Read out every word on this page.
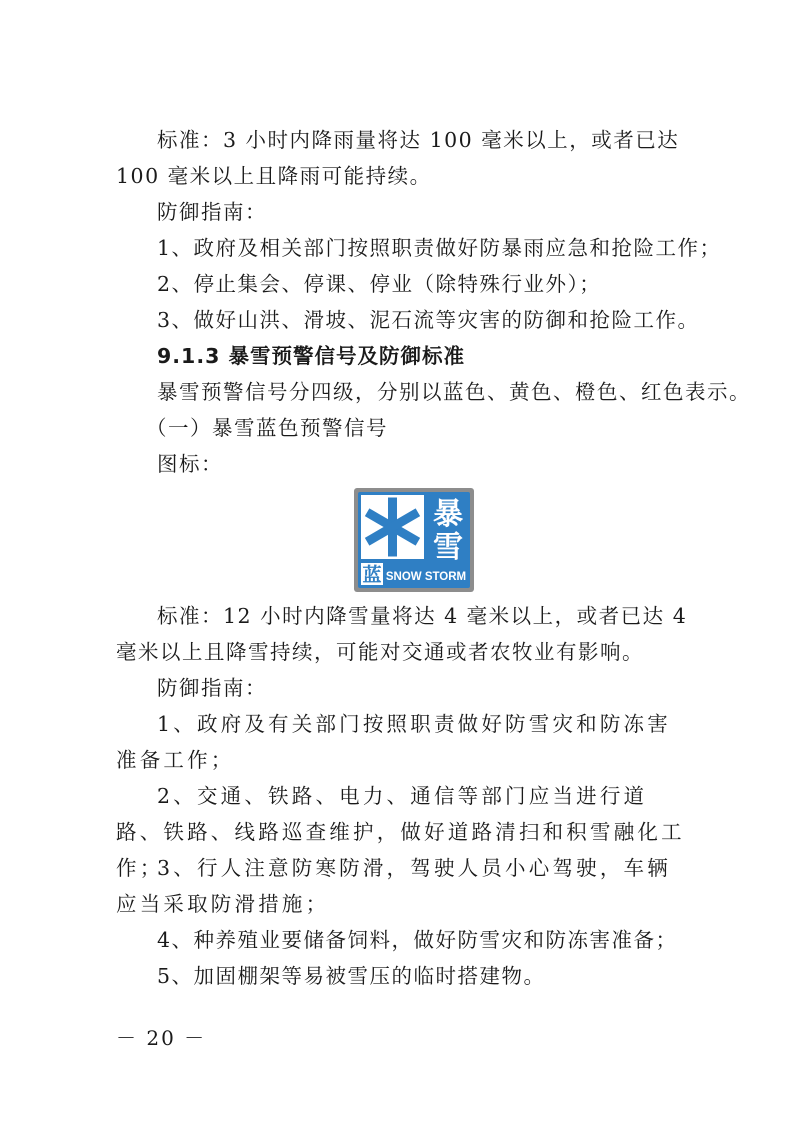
标准：3 小时内降雨量将达 100 毫米以上，或者已达 100 毫米以上且降雨可能持续。

防御指南：

1、政府及相关部门按照职责做好防暴雨应急和抢险工作；

2、停止集会、停课、停业（除特殊行业外）；

3、做好山洪、滑坡、泥石流等灾害的防御和抢险工作。

9.1.3 暴雪预警信号及防御标准

暴雪预警信号分四级，分别以蓝色、黄色、橙色、红色表示。

（一）暴雪蓝色预警信号

图标：

蓝 SNOW STORM
暴
雪

标准：12 小时内降雪量将达 4 毫米以上，或者已达 4 毫米以上且降雪持续，可能对交通或者农牧业有影响。

防御指南：

1、政府及有关部门按照职责做好防雪灾和防冻害准备工作；

2、交通、铁路、电力、通信等部门应当进行道路、铁路、线路巡查维护，做好道路清扫和积雪融化工作；

3、行人注意防寒防滑，驾驶人员小心驾驶，车辆应当采取防滑措施；

4、种养殖业要储备饲料，做好防雪灾和防冻害准备；

5、加固棚架等易被雪压的临时搭建物。

－ 20 －
